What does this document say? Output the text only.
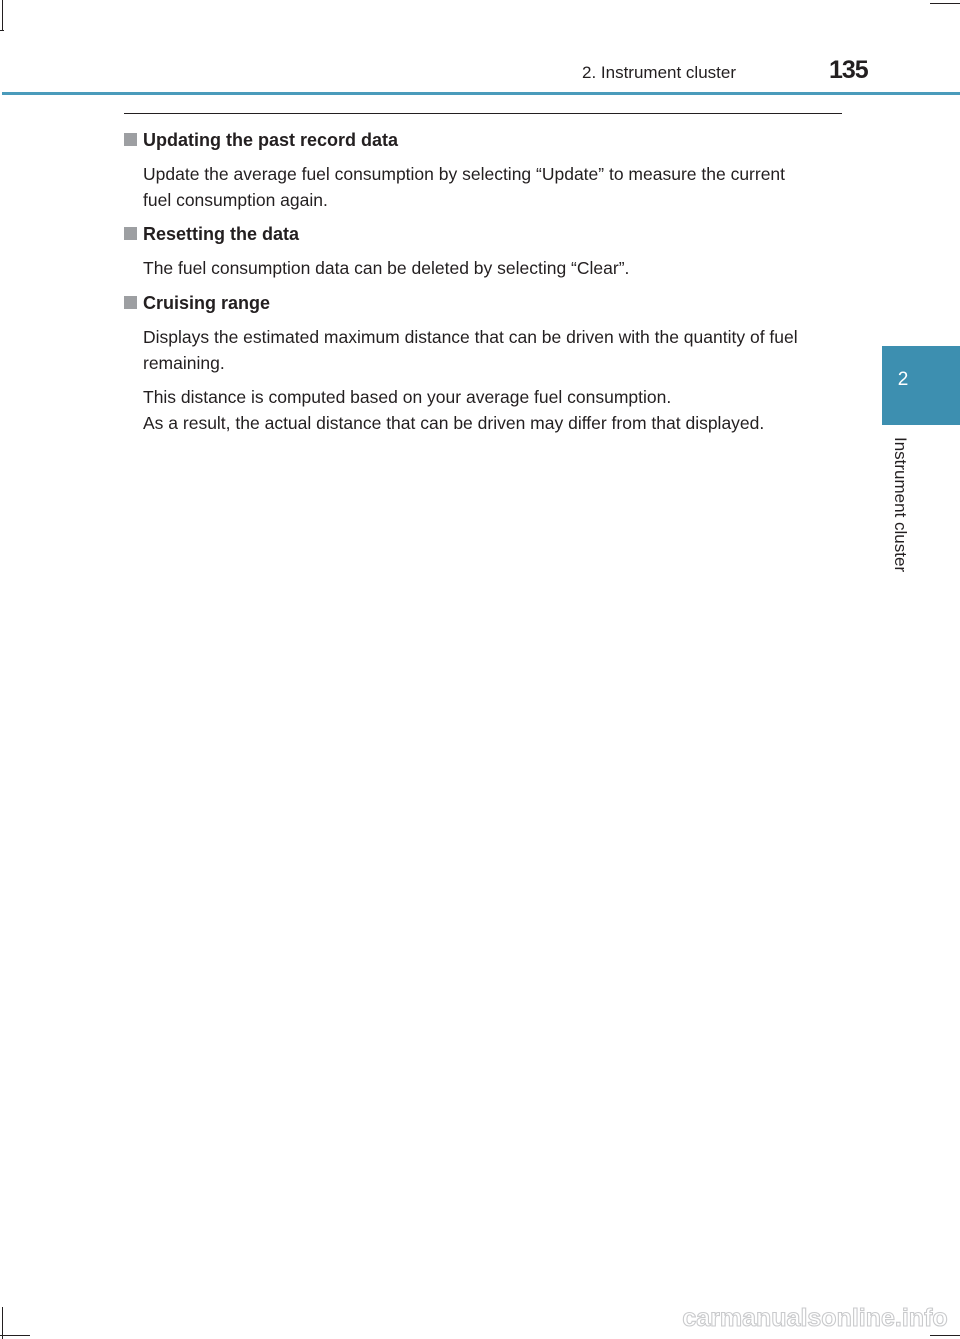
2. Instrument cluster	135
2
Instrument cluster
Updating the past record data

Update the average fuel consumption by selecting “Update” to measure the current
fuel consumption again.

Resetting the data

The fuel consumption data can be deleted by selecting “Clear”.

Cruising range

Displays the estimated maximum distance that can be driven with the quantity of fuel
remaining.

This distance is computed based on your average fuel consumption.
As a result, the actual distance that can be driven may differ from that displayed.

carmanualsonline.info
